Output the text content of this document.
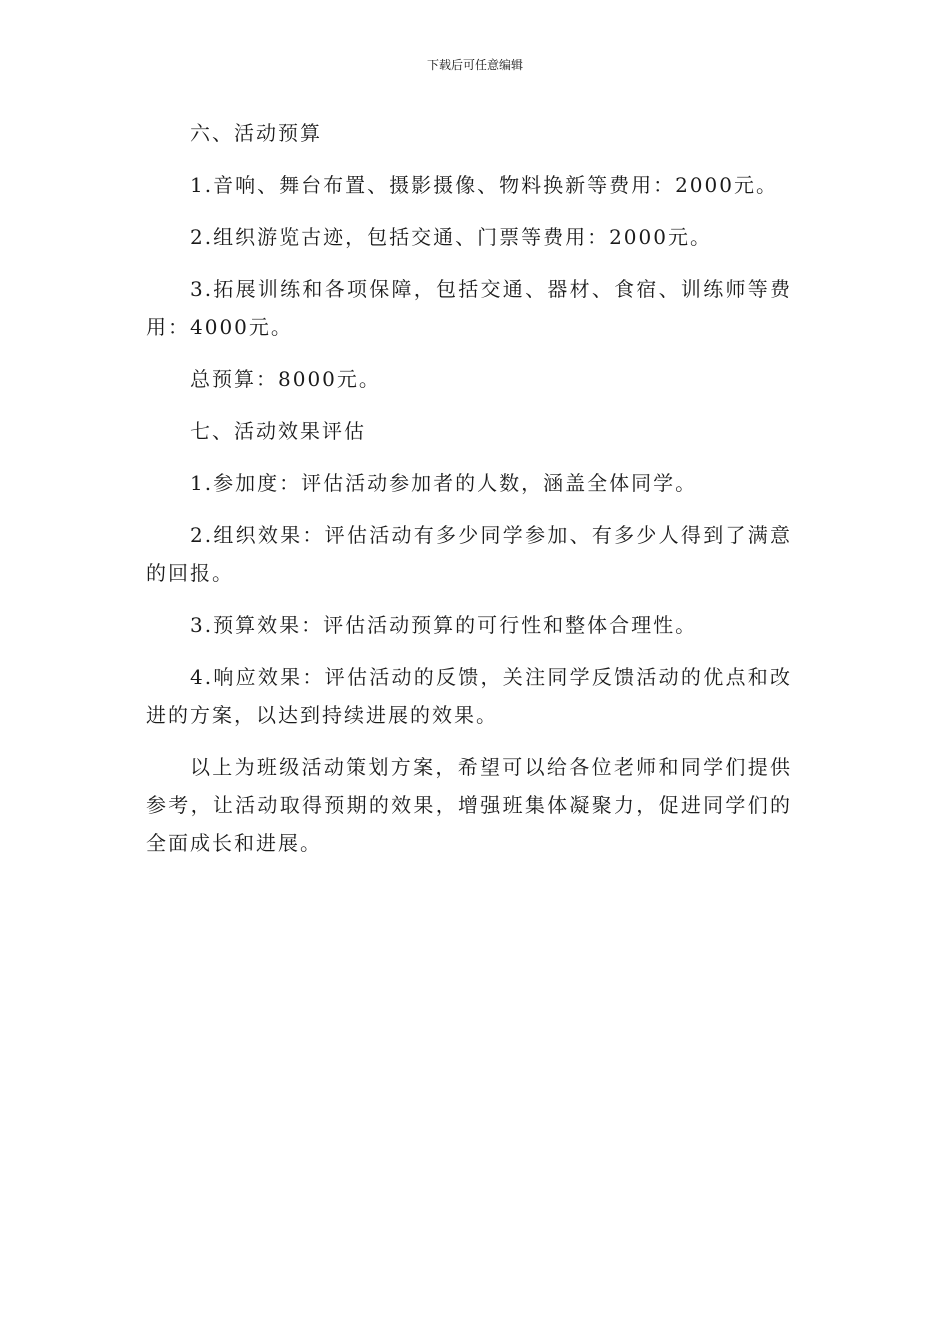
下载后可任意编辑

六、活动预算

1.音响、舞台布置、摄影摄像、物料换新等费用：2000元。

2.组织游览古迹，包括交通、门票等费用：2000元。

3.拓展训练和各项保障，包括交通、器材、食宿、训练师等费用：4000元。

总预算：8000元。

七、活动效果评估

1.参加度：评估活动参加者的人数，涵盖全体同学。

2.组织效果：评估活动有多少同学参加、有多少人得到了满意的回报。

3.预算效果：评估活动预算的可行性和整体合理性。

4.响应效果：评估活动的反馈，关注同学反馈活动的优点和改进的方案，以达到持续进展的效果。

以上为班级活动策划方案，希望可以给各位老师和同学们提供参考，让活动取得预期的效果，增强班集体凝聚力，促进同学们的全面成长和进展。
